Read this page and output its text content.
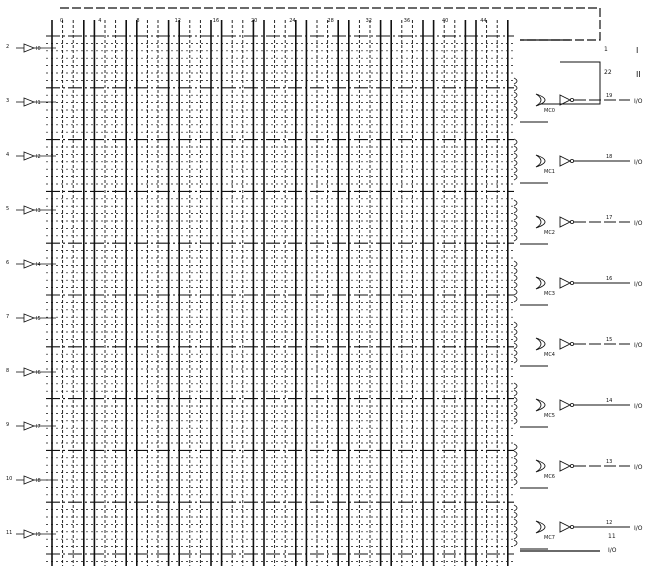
0	4	8	12	16	20	24	28	32	36	40	44
2	I0
3	I1
4	I2
5	I3
6	I4
7	I5
8	I6
9	I7
10	I8
11	I9
MC0
19
I/O
MC1
18
I/O
MC2
17
I/O
MC3
16
I/O
MC4
15
I/O
MC5
14
I/O
MC6
13
I/O
MC7
12
I/O
1	I
22	II
11
I/O
